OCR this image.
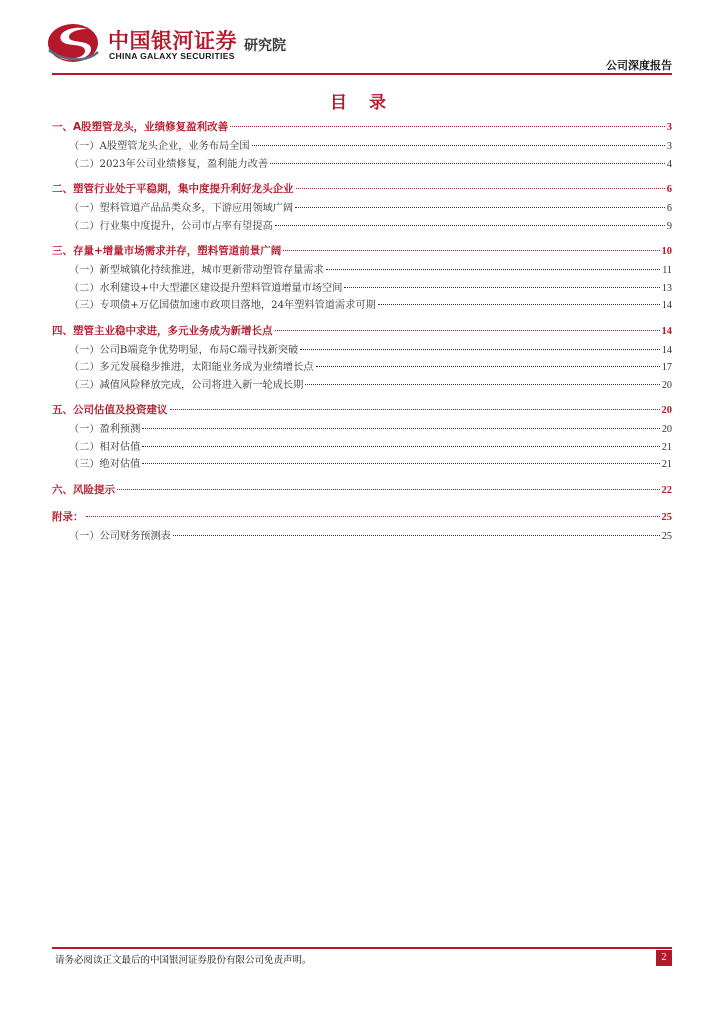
中国银河证券
CHINA GALAXY SECURITIES
研究院
公司深度报告
目 录
一、A股塑管龙头，业绩修复盈利改善	3
（一）A股塑管龙头企业，业务布局全国	3
（二）2023年公司业绩修复，盈利能力改善	4
二、塑管行业处于平稳期，集中度提升利好龙头企业	6
（一）塑料管道产品品类众多，下游应用领域广阔	6
（二）行业集中度提升，公司市占率有望提高	9
三、存量+增量市场需求并存，塑料管道前景广阔	10
（一）新型城镇化持续推进，城市更新带动塑管存量需求	11
（二）水利建设+中大型灌区建设提升塑料管道增量市场空间	13
（三）专项债+万亿国债加速市政项目落地，24年塑料管道需求可期	14
四、塑管主业稳中求进，多元业务成为新增长点	14
（一）公司B端竞争优势明显，布局C端寻找新突破	14
（二）多元发展稳步推进，太阳能业务成为业绩增长点	17
（三）减值风险释放完成，公司将进入新一轮成长期	20
五、公司估值及投资建议	20
（一）盈利预测	20
（二）相对估值	21
（三）绝对估值	21
六、风险提示	22
附录：	25
（一）公司财务预测表	25
请务必阅读正文最后的中国银河证券股份有限公司免责声明。	2
